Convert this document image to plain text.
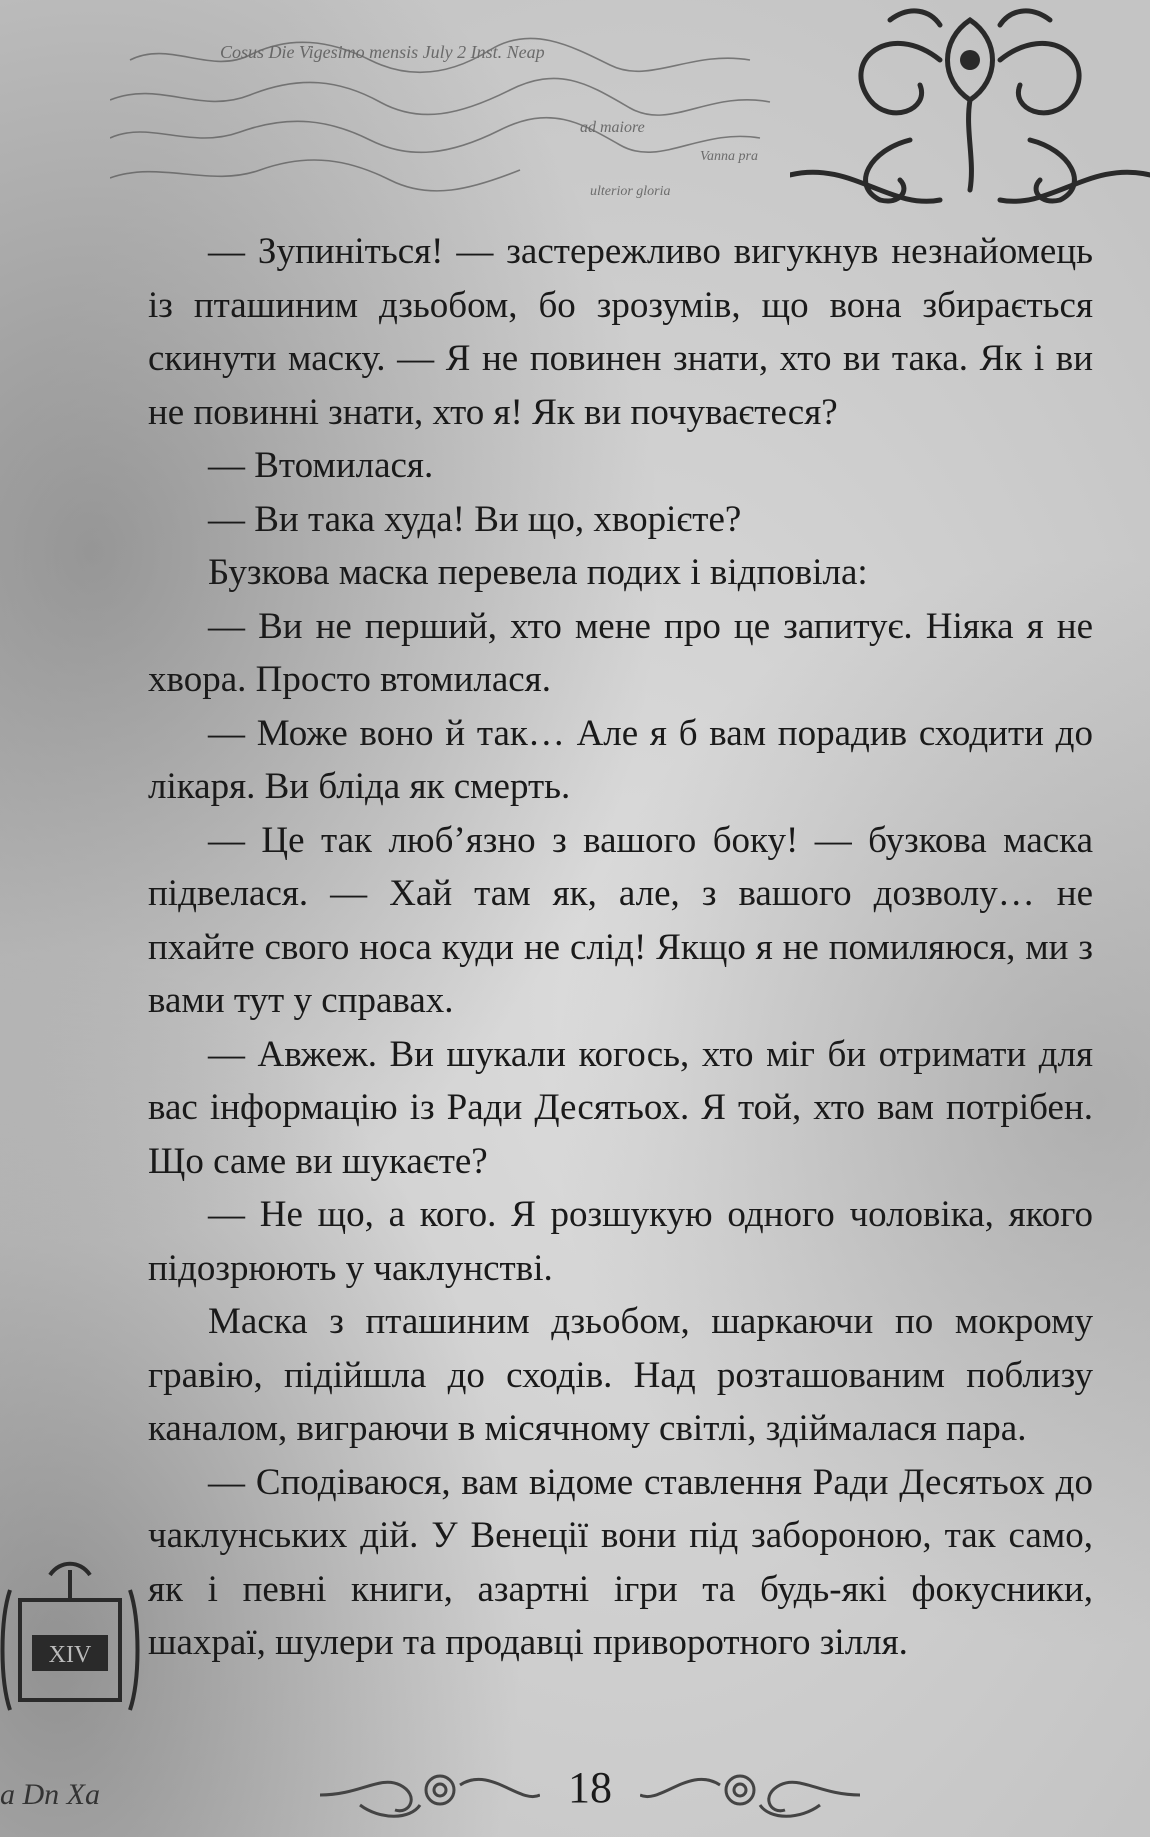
Cosus Die Vigesimo mensis July 2 Inst. Neap
ad maiore
Vanna pra
ulterior gloria

— Зупиніться! — застережливо вигукнув незнайомець із пташиним дзьобом, бо зрозумів, що вона збирається скинути маску. — Я не повинен знати, хто ви така. Як і ви не повинні знати, хто я! Як ви почуваєтеся?

— Втомилася.

— Ви така худа! Ви що, хворієте?

Бузкова маска перевела подих і відповіла:

— Ви не перший, хто мене про це запитує. Ніяка я не хвора. Просто втомилася.

— Може воно й так… Але я б вам порадив сходити до лікаря. Ви бліда як смерть.

— Це так люб’язно з вашого боку! — бузкова маска підвелася. — Хай там як, але, з вашого дозволу… не пхайте свого носа куди не слід! Якщо я не помиляюся, ми з вами тут у справах.

— Авжеж. Ви шукали когось, хто міг би отримати для вас інформацію із Ради Десятьох. Я той, хто вам потрібен. Що саме ви шукаєте?

— Не що, а кого. Я розшукую одного чоловіка, якого підозрюють у чаклунстві.

Маска з пташиним дзьобом, шаркаючи по мокрому гравію, підійшла до сходів. Над розташованим поблизу каналом, виграючи в місячному світлі, здіймалася пара.

— Сподіваюся, вам відоме ставлення Ради Десятьох до чаклунських дій. У Венеції вони під забороною, так само, як і певні книги, азартні ігри та будь-які фокусники, шахраї, шулери та продавці приворотного зілля.

XIV
18
a Dn Xa
